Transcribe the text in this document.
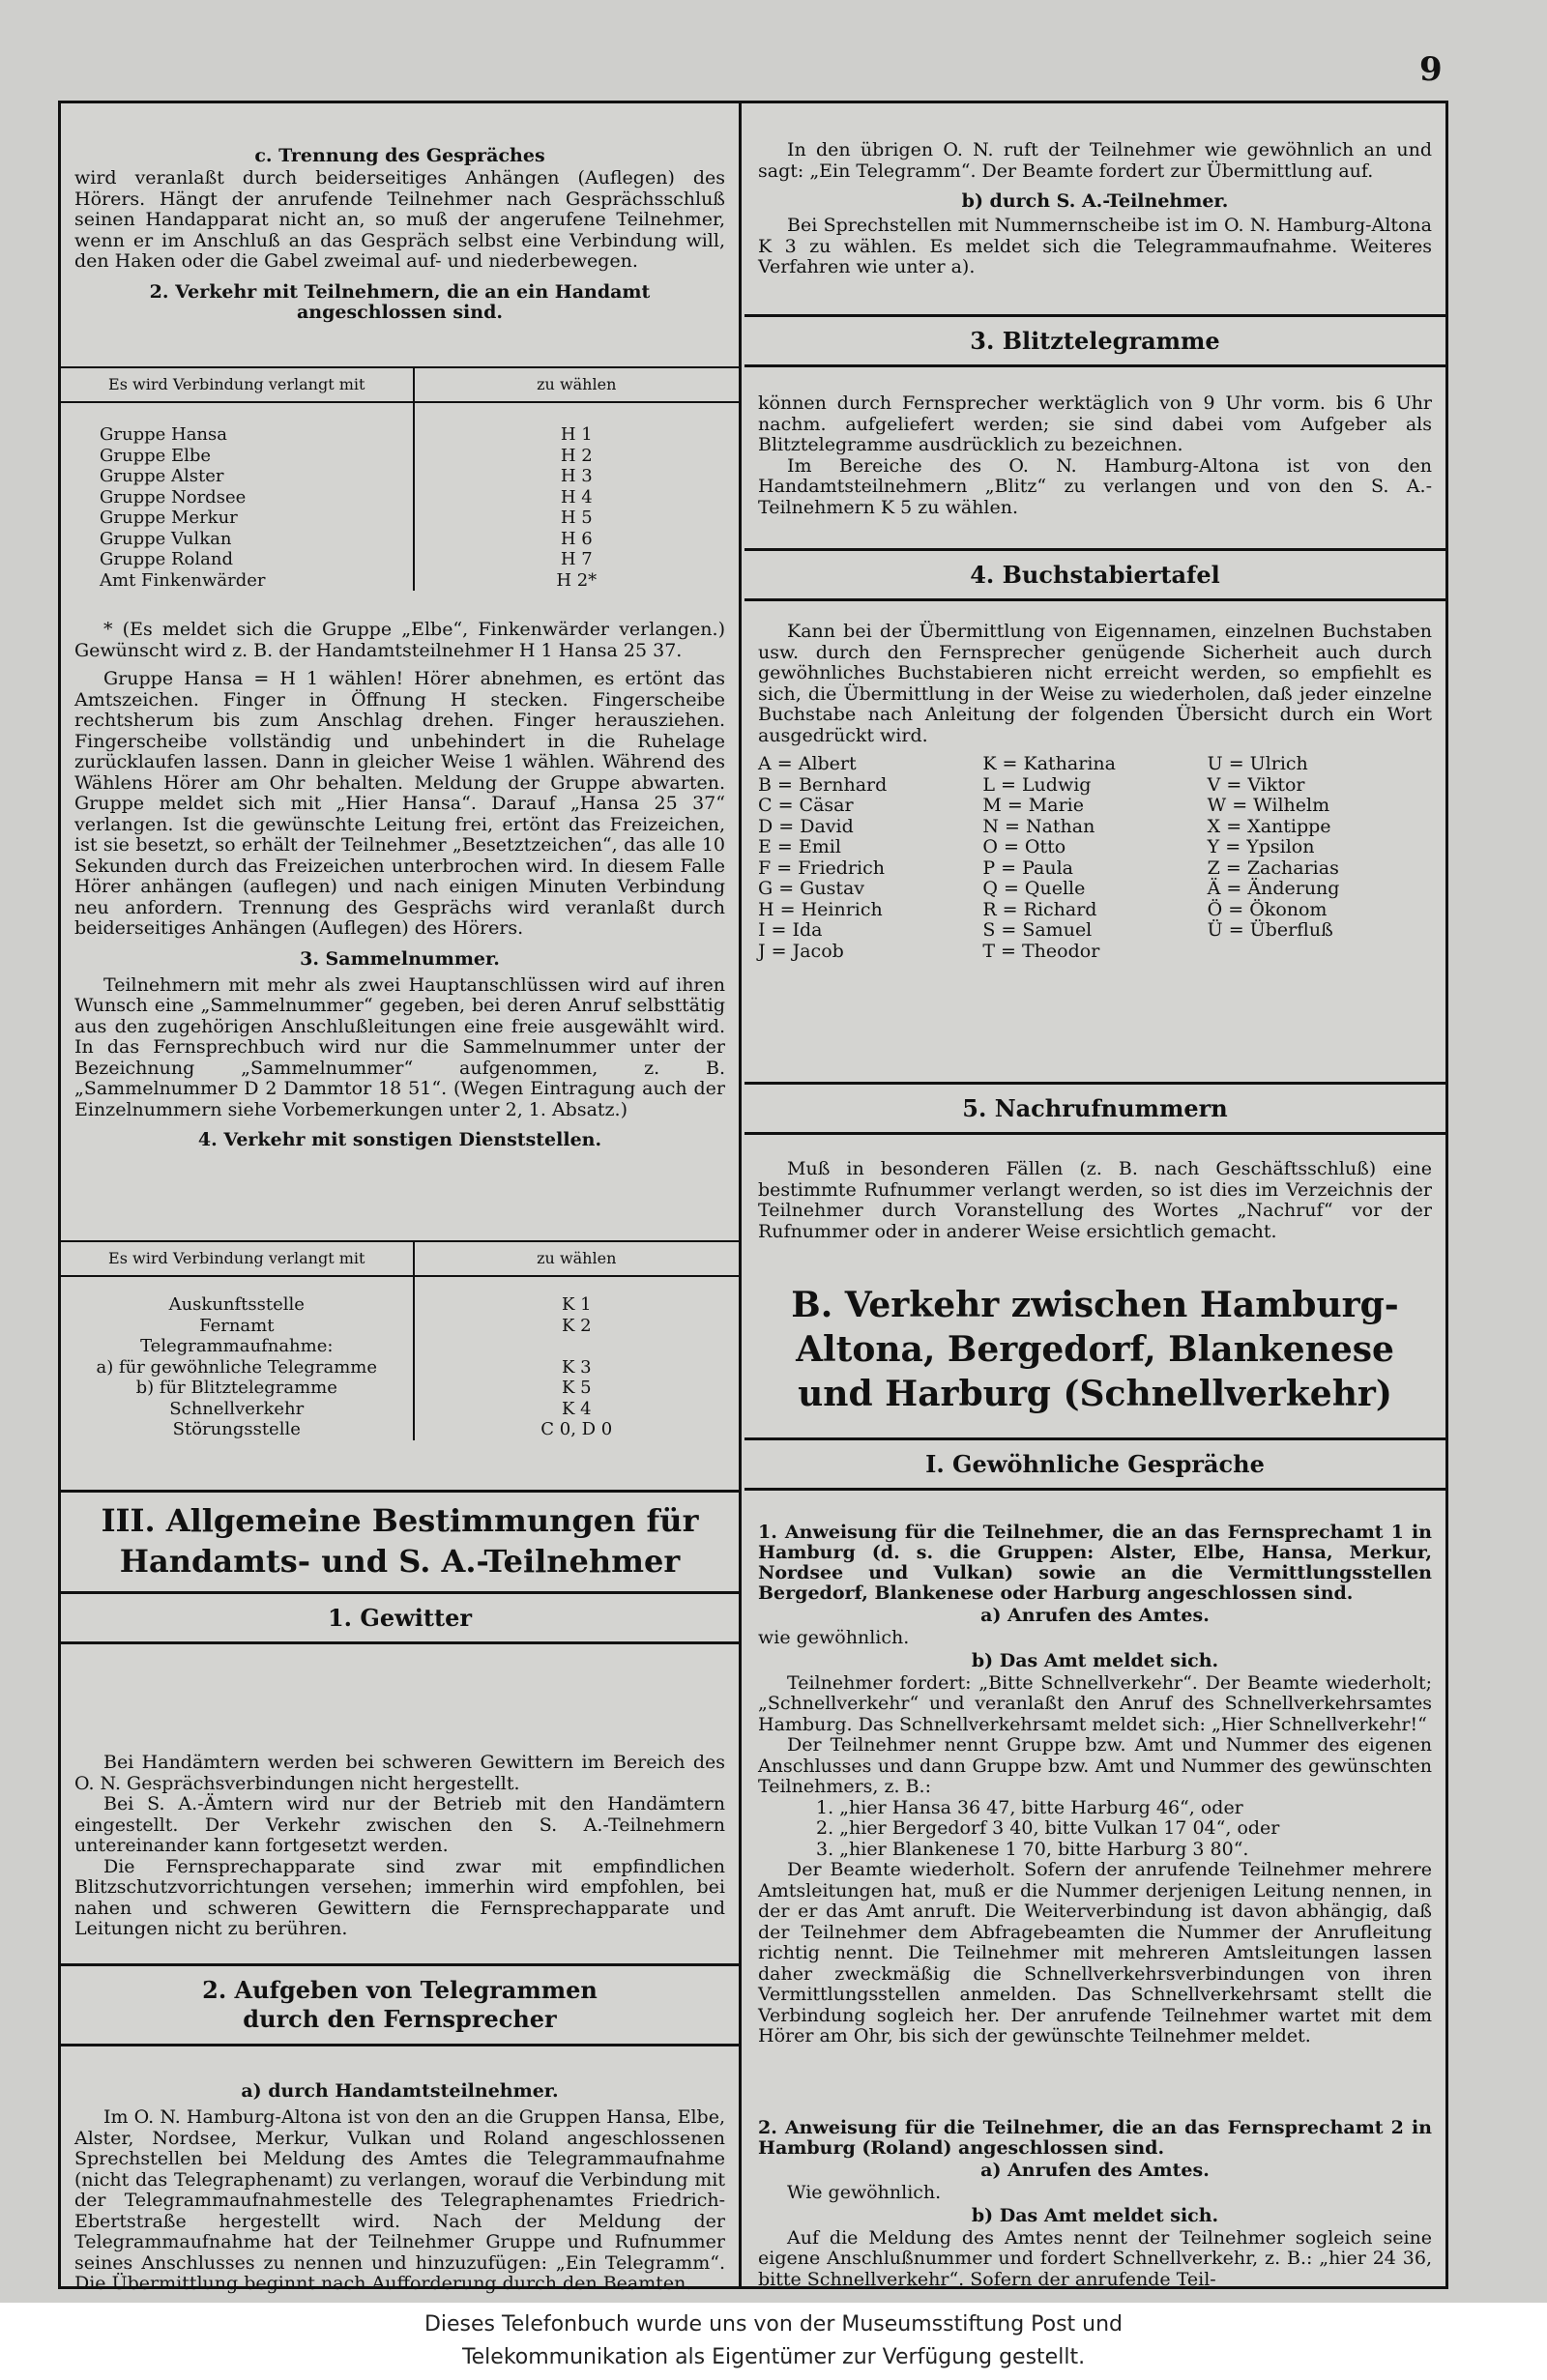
9
c. Trennung des Gespräches

wird veranlaßt durch beiderseitiges Anhängen (Auflegen) des Hörers. Hängt der anrufende Teilnehmer nach Gesprächsschluß seinen Handapparat nicht an, so muß der angerufene Teilnehmer, wenn er im Anschluß an das Gespräch selbst eine Verbindung will, den Haken oder die Gabel zweimal auf- und niederbewegen.

2. Verkehr mit Teilnehmern, die an ein Handamt angeschlossen sind.
Es wird Verbindung verlangt mit	zu wählen

Gruppe Hansa	H 1
Gruppe Elbe	H 2
Gruppe Alster	H 3
Gruppe Nordsee	H 4
Gruppe Merkur	H 5
Gruppe Vulkan	H 6
Gruppe Roland	H 7
Amt Finkenwärder	H 2*

* (Es meldet sich die Gruppe „Elbe“, Finkenwärder verlangen.) Gewünscht wird z. B. der Handamtsteilnehmer H 1 Hansa 25 37.

Gruppe Hansa = H 1 wählen! Hörer abnehmen, es ertönt das Amtszeichen. Finger in Öffnung H stecken. Fingerscheibe rechtsherum bis zum Anschlag drehen. Finger herausziehen. Fingerscheibe vollständig und unbehindert in die Ruhelage zurücklaufen lassen. Dann in gleicher Weise 1 wählen. Während des Wählens Hörer am Ohr behalten. Meldung der Gruppe abwarten. Gruppe meldet sich mit „Hier Hansa“. Darauf „Hansa 25 37“ verlangen. Ist die gewünschte Leitung frei, ertönt das Freizeichen, ist sie besetzt, so erhält der Teilnehmer „Besetztzeichen“, das alle 10 Sekunden durch das Freizeichen unterbrochen wird. In diesem Falle Hörer anhängen (auflegen) und nach einigen Minuten Verbindung neu anfordern. Trennung des Gesprächs wird veranlaßt durch beiderseitiges Anhängen (Auflegen) des Hörers.

3. Sammelnummer.

Teilnehmern mit mehr als zwei Hauptanschlüssen wird auf ihren Wunsch eine „Sammelnummer“ gegeben, bei deren Anruf selbsttätig aus den zugehörigen Anschlußleitungen eine freie ausgewählt wird. In das Fernsprechbuch wird nur die Sammelnummer unter der Bezeichnung „Sammelnummer“ aufgenommen, z. B. „Sammelnummer D 2 Dammtor 18 51“. (Wegen Eintragung auch der Einzelnummern siehe Vorbemerkungen unter 2, 1. Absatz.)

4. Verkehr mit sonstigen Dienststellen.
Es wird Verbindung verlangt mit	zu wählen

Auskunftsstelle	K 1
Fernamt	K 2
Telegrammaufnahme:	
a) für gewöhnliche Telegramme	K 3
b) für Blitztelegramme	K 5
Schnellverkehr	K 4
Störungsstelle	C 0, D 0
III. Allgemeine Bestimmungen für
Handamts- und S. A.-Teilnehmer
1. Gewitter

Bei Handämtern werden bei schweren Gewittern im Bereich des O. N. Gesprächsverbindungen nicht hergestellt.

Bei S. A.-Ämtern wird nur der Betrieb mit den Handämtern eingestellt. Der Verkehr zwischen den S. A.-Teilnehmern untereinander kann fortgesetzt werden.

Die Fernsprechapparate sind zwar mit empfindlichen Blitzschutzvorrichtungen versehen; immerhin wird empfohlen, bei nahen und schweren Gewittern die Fernsprechapparate und Leitungen nicht zu berühren.

2. Aufgeben von Telegrammen
durch den Fernsprecher
a) durch Handamtsteilnehmer.

Im O. N. Hamburg-Altona ist von den an die Gruppen Hansa, Elbe, Alster, Nordsee, Merkur, Vulkan und Roland angeschlossenen Sprechstellen bei Meldung des Amtes die Telegrammaufnahme (nicht das Telegraphenamt) zu verlangen, worauf die Verbindung mit der Telegrammaufnahmestelle des Telegraphenamtes Friedrich-Ebertstraße hergestellt wird. Nach der Meldung der Telegrammaufnahme hat der Teilnehmer Gruppe und Rufnummer seines Anschlusses zu nennen und hinzuzufügen: „Ein Telegramm“. Die Übermittlung beginnt nach Aufforderung durch den Beamten.

In den übrigen O. N. ruft der Teilnehmer wie gewöhnlich an und sagt: „Ein Telegramm“. Der Beamte fordert zur Übermittlung auf.

b) durch S. A.-Teilnehmer.

Bei Sprechstellen mit Nummernscheibe ist im O. N. Hamburg-Altona K 3 zu wählen. Es meldet sich die Telegrammaufnahme. Weiteres Verfahren wie unter a).

3. Blitztelegramme

können durch Fernsprecher werktäglich von 9 Uhr vorm. bis 6 Uhr nachm. aufgeliefert werden; sie sind dabei vom Aufgeber als Blitztelegramme ausdrücklich zu bezeichnen.

Im Bereiche des O. N. Hamburg-Altona ist von den Handamtsteilnehmern „Blitz“ zu verlangen und von den S. A.-Teilnehmern K 5 zu wählen.

4. Buchstabiertafel

Kann bei der Übermittlung von Eigennamen, einzelnen Buchstaben usw. durch den Fernsprecher genügende Sicherheit auch durch gewöhnliches Buchstabieren nicht erreicht werden, so empfiehlt es sich, die Übermittlung in der Weise zu wiederholen, daß jeder einzelne Buchstabe nach Anleitung der folgenden Übersicht durch ein Wort ausgedrückt wird.

A = Albert	K = Katharina	U = Ulrich
B = Bernhard	L = Ludwig	V = Viktor
C = Cäsar	M = Marie	W = Wilhelm
D = David	N = Nathan	X = Xantippe
E = Emil	O = Otto	Y = Ypsilon
F = Friedrich	P = Paula	Z = Zacharias
G = Gustav	Q = Quelle	Ä = Änderung
H = Heinrich	R = Richard	Ö = Ökonom
I = Ida	S = Samuel	Ü = Überfluß
J = Jacob	T = Theodor
5. Nachrufnummern

Muß in besonderen Fällen (z. B. nach Geschäftsschluß) eine bestimmte Rufnummer verlangt werden, so ist dies im Verzeichnis der Teilnehmer durch Voranstellung des Wortes „Nachruf“ vor der Rufnummer oder in anderer Weise ersichtlich gemacht.

B. Verkehr zwischen Hamburg-
Altona, Bergedorf, Blankenese
und Harburg (Schnellverkehr)
I. Gewöhnliche Gespräche
1. Anweisung für die Teilnehmer, die an das Fernsprechamt 1 in Hamburg (d. s. die Gruppen: Alster, Elbe, Hansa, Merkur, Nordsee und Vulkan) sowie an die Vermittlungsstellen Bergedorf, Blankenese oder Harburg angeschlossen sind.
a) Anrufen des Amtes.

wie gewöhnlich.

b) Das Amt meldet sich.

Teilnehmer fordert: „Bitte Schnellverkehr“. Der Beamte wiederholt; „Schnellverkehr“ und veranlaßt den Anruf des Schnellverkehrsamtes Hamburg. Das Schnellverkehrsamt meldet sich: „Hier Schnellverkehr!“

Der Teilnehmer nennt Gruppe bzw. Amt und Nummer des eigenen Anschlusses und dann Gruppe bzw. Amt und Nummer des gewünschten Teilnehmers, z. B.:

1. „hier Hansa 36 47, bitte Harburg 46“, oder
2. „hier Bergedorf 3 40, bitte Vulkan 17 04“, oder
3. „hier Blankenese 1 70, bitte Harburg 3 80“.

Der Beamte wiederholt. Sofern der anrufende Teilnehmer mehrere Amtsleitungen hat, muß er die Nummer derjenigen Leitung nennen, in der er das Amt anruft. Die Weiterverbindung ist davon abhängig, daß der Teilnehmer dem Abfragebeamten die Nummer der Anrufleitung richtig nennt. Die Teilnehmer mit mehreren Amtsleitungen lassen daher zweckmäßig die Schnellverkehrsverbindungen von ihren Vermittlungsstellen anmelden. Das Schnellverkehrsamt stellt die Verbindung sogleich her. Der anrufende Teilnehmer wartet mit dem Hörer am Ohr, bis sich der gewünschte Teilnehmer meldet.

2. Anweisung für die Teilnehmer, die an das Fernsprechamt 2 in Hamburg (Roland) angeschlossen sind.
a) Anrufen des Amtes.

Wie gewöhnlich.

b) Das Amt meldet sich.

Auf die Meldung des Amtes nennt der Teilnehmer sogleich seine eigene Anschlußnummer und fordert Schnellverkehr, z. B.: „hier 24 36, bitte Schnellverkehr“. Sofern der anrufende Teil-

Dieses Telefonbuch wurde uns von der Museumsstiftung Post und
Telekommunikation als Eigentümer zur Verfügung gestellt.
